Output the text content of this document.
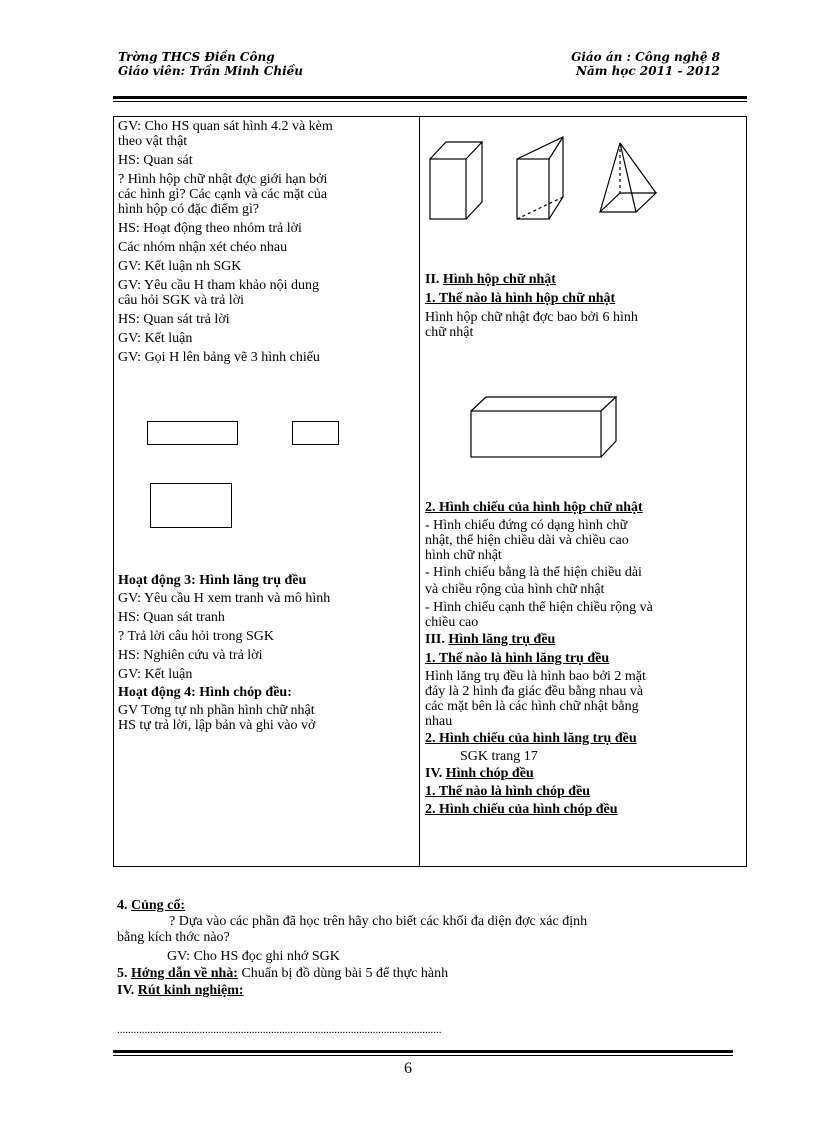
Trờng THCS Điền Công
Giáo viên: Trần Minh Chiều
Giáo án : Công nghệ 8
Năm học 2011 - 2012
GV: Cho HS quan sát hình 4.2 và kèm
theo vật thật
HS: Quan sát
? Hình hộp chữ nhật đợc giới hạn bởi
các hình gì? Các cạnh và các mặt của
hình hộp có đặc điểm gì?
HS: Hoạt động theo nhóm trả lời
Các nhóm nhận xét chéo nhau
GV: Kết luận nh SGK
GV: Yêu cầu H tham khảo nội dung
câu hỏi SGK và trả lời
HS: Quan sát trả lời
GV: Kết luận
GV: Gọi H lên bảng vẽ 3 hình chiếu
Hoạt động 3: Hình lăng trụ đều
GV: Yêu cầu H xem tranh và mô hình
HS: Quan sát tranh
? Trả lời câu hỏi trong SGK
HS: Nghiên cứu và trả lời
GV: Kết luận
Hoạt động 4: Hình chóp đều:
GV Tơng tự nh phần hình chữ nhật
HS tự trả lời, lập bản và ghi vào vở
II. Hình hộp chữ nhật
1. Thế nào là hình hộp chữ nhật
Hình hộp chữ nhật đợc bao bởi 6 hình
chữ nhật
2. Hình chiếu của hình hộp chữ nhật
- Hình chiếu đứng có dạng hình chữ
nhật, thể hiện chiều dài và chiều cao
hình chữ nhật
- Hình chiếu bằng là thể hiện chiều dài
và chiều rộng của hình chữ nhật
- Hình chiếu cạnh thể hiện chiều rộng và
chiều cao
III. Hình lăng trụ đều
1. Thế nào là hình lăng trụ đều
Hình lăng trụ đều là hình bao bởi 2 mặt
đáy là 2 hình đa giác đều bằng nhau và
các mặt bên là các hình chữ nhật bằng
nhau
2. Hình chiếu của hình lăng trụ đều
SGK trang 17
IV. Hình chóp đều
1. Thế nào là hình chóp đều
2. Hình chiếu của hình chóp đều
4. Củng cố:
? Dựa vào các phần đã học trên hãy cho biết các khối đa diện đợc xác định
bằng kích thớc nào?
GV: Cho HS đọc ghi nhớ SGK
5. Hớng dẫn về nhà: Chuẩn bị đồ dùng bài 5 để thực hành
IV. Rút kinh nghiệm:
......................................................................................................................
6
